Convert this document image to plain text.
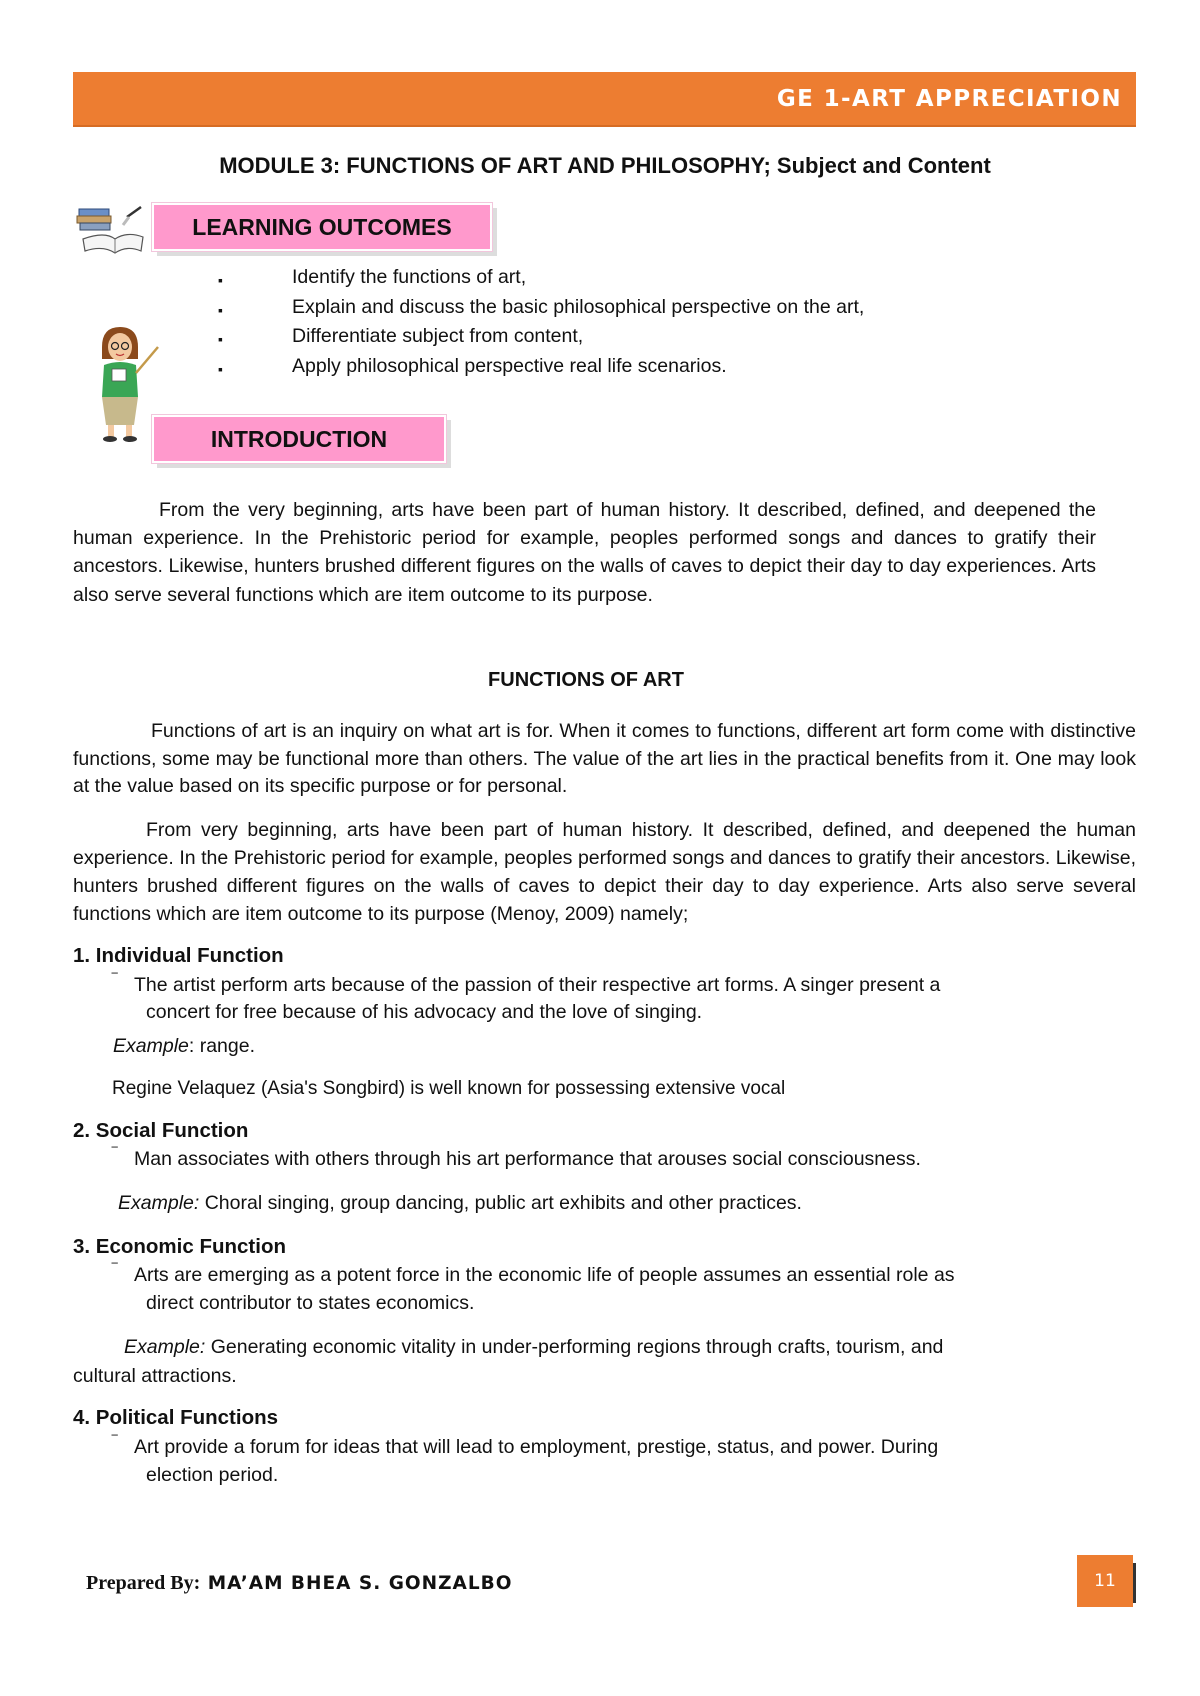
GE 1-ART APPRECIATION
MODULE 3: FUNCTIONS OF ART AND PHILOSOPHY; Subject and Content
LEARNING OUTCOMES
▪	Identify the functions of art,
▪	Explain and discuss the basic philosophical perspective on the art,
▪	Differentiate subject from content,
▪	Apply philosophical perspective real life scenarios.
INTRODUCTION

From the very beginning, arts have been part of human history. It described, defined, and deepened the human experience. In the Prehistoric period for example, peoples performed songs and dances to gratify their ancestors. Likewise, hunters brushed different figures on the walls of caves to depict their day to day experiences. Arts also serve several functions which are item outcome to its purpose.

FUNCTIONS OF ART

Functions of art is an inquiry on what art is for. When it comes to functions, different art form come with distinctive functions, some may be functional more than others. The value of the art lies in the practical benefits from it. One may look at the value based on its specific purpose or for personal.

From very beginning, arts have been part of human history. It described, defined, and deepened the human experience. In the Prehistoric period for example, peoples performed songs and dances to gratify their ancestors. Likewise, hunters brushed different figures on the walls of caves to depict their day to day experience. Arts also serve several functions which are item outcome to its purpose (Menoy, 2009) namely;

1. Individual Function
‾ The artist perform arts because of the passion of their respective art forms. A singer present a
concert for free because of his advocacy and the love of singing.
Example: range.
Regine Velaquez (Asia's Songbird) is well known for possessing extensive vocal
2. Social Function
‾ Man associates with others through his art performance that arouses social consciousness.
Example: Choral singing, group dancing, public art exhibits and other practices.
3. Economic Function
‾ Arts are emerging as a potent force in the economic life of people assumes an essential role as
direct contributor to states economics.
Example: Generating economic vitality in under-performing regions through crafts, tourism, and
cultural attractions.
4. Political Functions
‾ Art provide a forum for ideas that will lead to employment, prestige, status, and power. During
election period.
Prepared By: MA’AM BHEA S. GONZALBO	11
